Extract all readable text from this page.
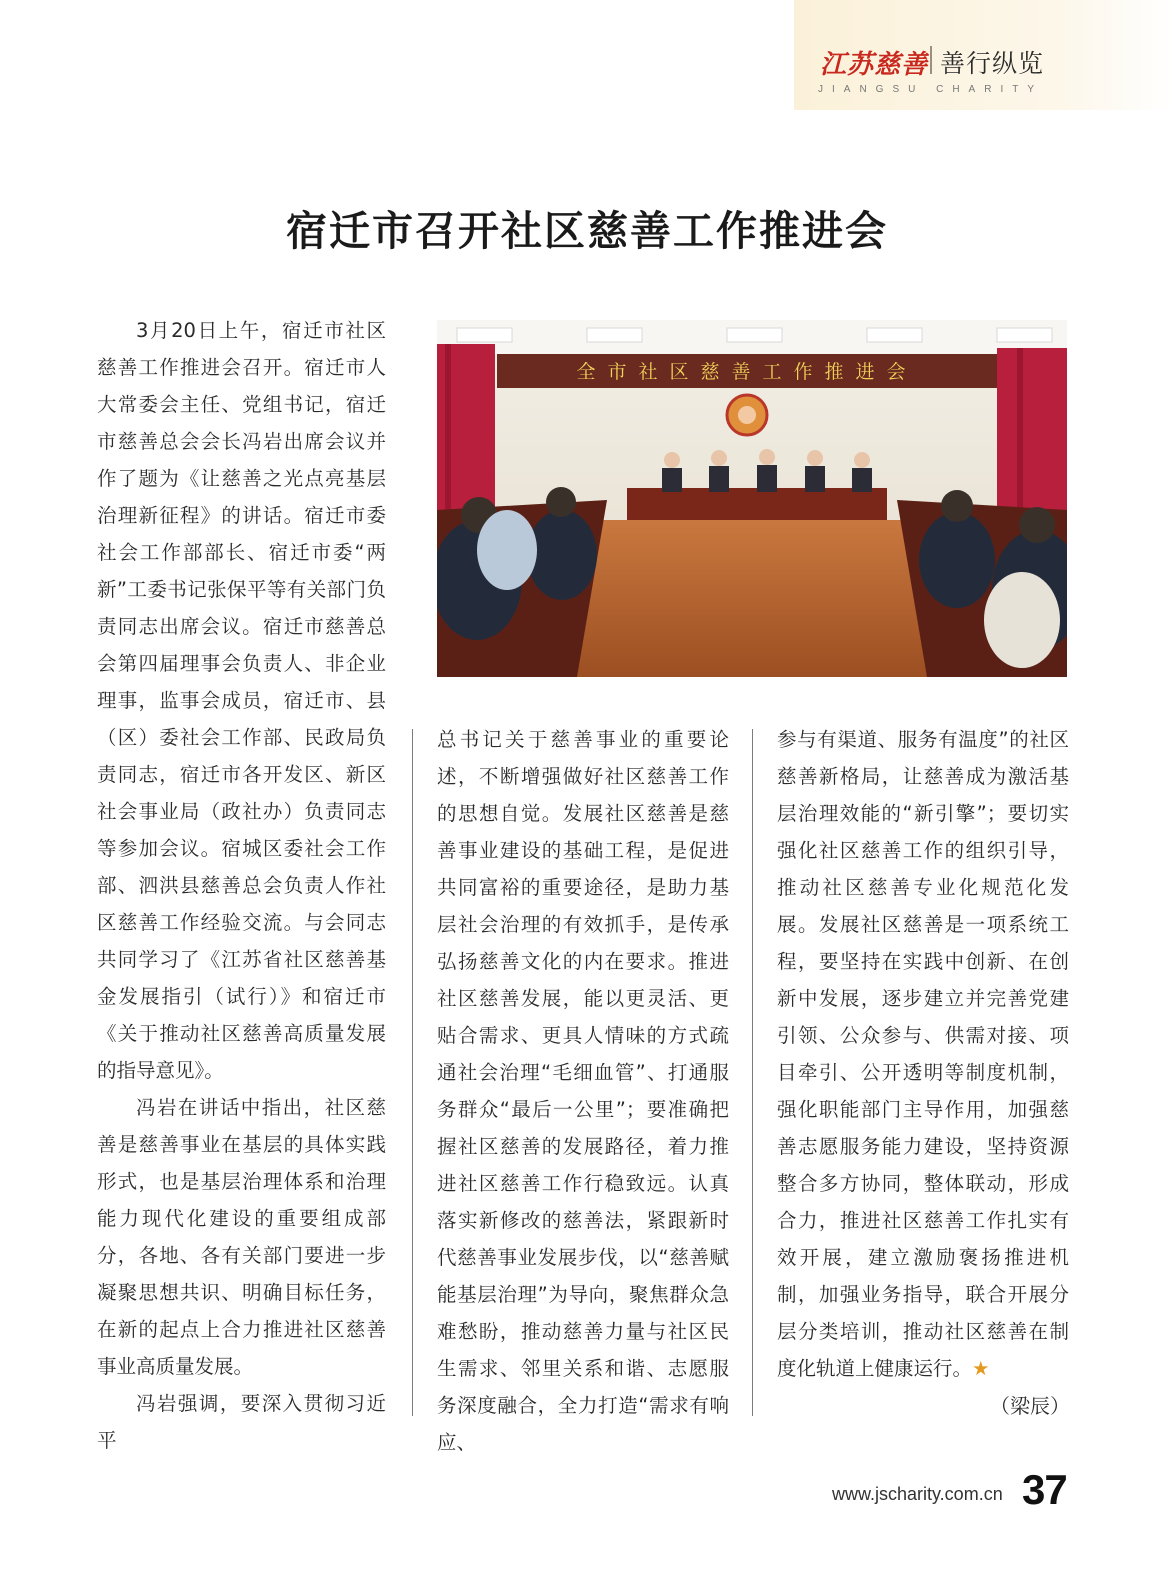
江苏慈善 善行纵览
JIANGSU CHARITY
宿迁市召开社区慈善工作推进会
全市社区慈善工作推进会

3月20日上午，宿迁市社区慈善工作推进会召开。宿迁市人大常委会主任、党组书记，宿迁市慈善总会会长冯岩出席会议并作了题为《让慈善之光点亮基层治理新征程》的讲话。宿迁市委社会工作部部长、宿迁市委“两新”工委书记张保平等有关部门负责同志出席会议。宿迁市慈善总会第四届理事会负责人、非企业理事，监事会成员，宿迁市、县（区）委社会工作部、民政局负责同志，宿迁市各开发区、新区社会事业局（政社办）负责同志等参加会议。宿城区委社会工作部、泗洪县慈善总会负责人作社区慈善工作经验交流。与会同志共同学习了《江苏省社区慈善基金发展指引（试行）》和宿迁市《关于推动社区慈善高质量发展的指导意见》。

冯岩在讲话中指出，社区慈善是慈善事业在基层的具体实践形式，也是基层治理体系和治理能力现代化建设的重要组成部分，各地、各有关部门要进一步凝聚思想共识、明确目标任务，在新的起点上合力推进社区慈善事业高质量发展。

冯岩强调，要深入贯彻习近平

总书记关于慈善事业的重要论述，不断增强做好社区慈善工作的思想自觉。发展社区慈善是慈善事业建设的基础工程，是促进共同富裕的重要途径，是助力基层社会治理的有效抓手，是传承弘扬慈善文化的内在要求。推进社区慈善发展，能以更灵活、更贴合需求、更具人情味的方式疏通社会治理“毛细血管”、打通服务群众“最后一公里”；要准确把握社区慈善的发展路径，着力推进社区慈善工作行稳致远。认真落实新修改的慈善法，紧跟新时代慈善事业发展步伐，以“慈善赋能基层治理”为导向，聚焦群众急难愁盼，推动慈善力量与社区民生需求、邻里关系和谐、志愿服务深度融合，全力打造“需求有响应、

参与有渠道、服务有温度”的社区慈善新格局，让慈善成为激活基层治理效能的“新引擎”；要切实强化社区慈善工作的组织引导，推动社区慈善专业化规范化发展。发展社区慈善是一项系统工程，要坚持在实践中创新、在创新中发展，逐步建立并完善党建引领、公众参与、供需对接、项目牵引、公开透明等制度机制，强化职能部门主导作用，加强慈善志愿服务能力建设，坚持资源整合多方协同，整体联动，形成合力，推进社区慈善工作扎实有效开展，建立激励褒扬推进机制，加强业务指导，联合开展分层分类培训，推动社区慈善在制度化轨道上健康运行。★

（梁辰）
www.jscharity.com.cn 37
